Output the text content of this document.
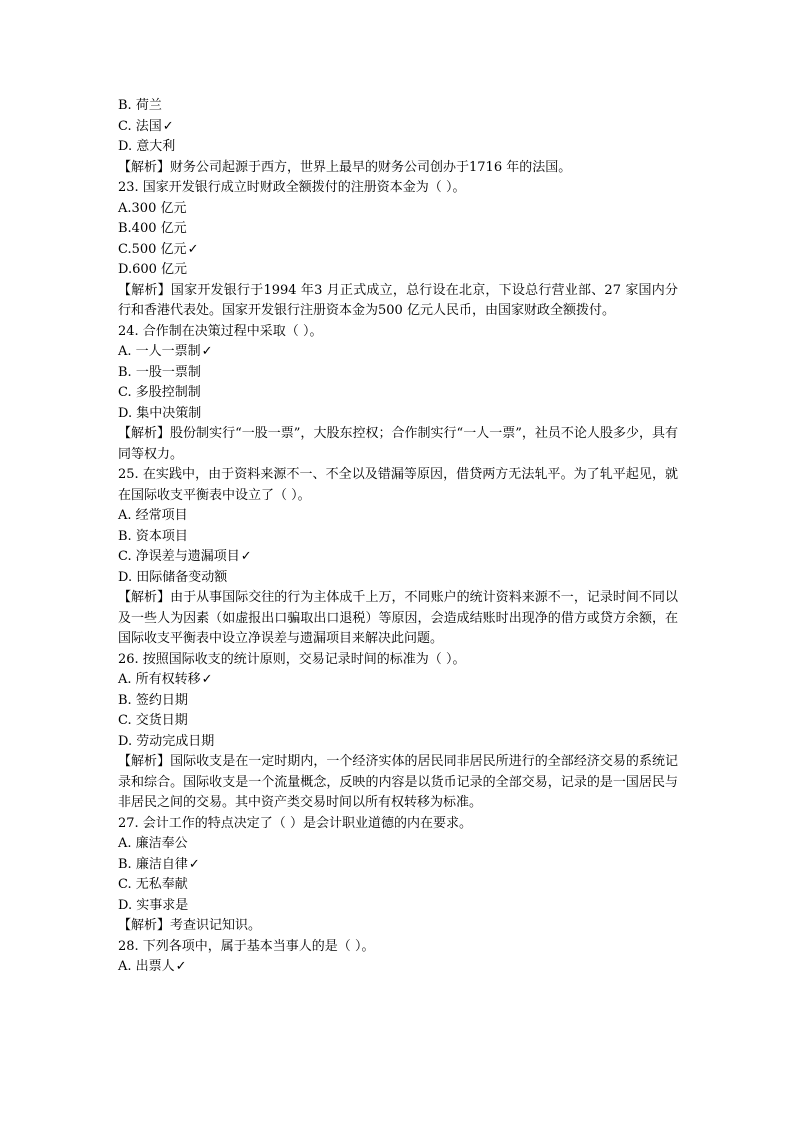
B. 荷兰
C. 法国✓
D. 意大利
【解析】财务公司起源于西方，世界上最早的财务公司创办于1716 年的法国。
23. 国家开发银行成立时财政全额拨付的注册资本金为（ ）。
A.300 亿元
B.400 亿元
C.500 亿元✓
D.600 亿元
【解析】国家开发银行于1994 年3 月正式成立，总行设在北京，下设总行营业部、27 家国内分行和香港代表处。国家开发银行注册资本金为500 亿元人民币，由国家财政全额拨付。
24. 合作制在决策过程中采取（ ）。
A. 一人一票制✓
B. 一股一票制
C. 多股控制制
D. 集中决策制
【解析】股份制实行“一股一票”，大股东控权；合作制实行“一人一票”，社员不论人股多少，具有同等权力。
25. 在实践中，由于资料来源不一、不全以及错漏等原因，借贷两方无法轧平。为了轧平起见，就在国际收支平衡表中设立了（ ）。
A. 经常项目
B. 资本项目
C. 净误差与遗漏项目✓
D. 田际储备变动额
【解析】由于从事国际交往的行为主体成千上万，不同账户的统计资料来源不一，记录时间不同以及一些人为因素（如虚报出口骗取出口退税）等原因，会造成结账时出现净的借方或贷方余额，在国际收支平衡表中设立净误差与遗漏项目来解决此问题。
26. 按照国际收支的统计原则，交易记录时间的标准为（ ）。
A. 所有权转移✓
B. 签约日期
C. 交货日期
D. 劳动完成日期
【解析】国际收支是在一定时期内，一个经济实体的居民同非居民所进行的全部经济交易的系统记录和综合。国际收支是一个流量概念，反映的内容是以货币记录的全部交易，记录的是一国居民与非居民之间的交易。其中资产类交易时间以所有权转移为标准。
27. 会计工作的特点决定了（ ）是会计职业道德的内在要求。
A. 廉洁奉公
B. 廉洁自律✓
C. 无私奉献
D. 实事求是
【解析】考查识记知识。
28. 下列各项中，属于基本当事人的是（ ）。
A. 出票人✓
